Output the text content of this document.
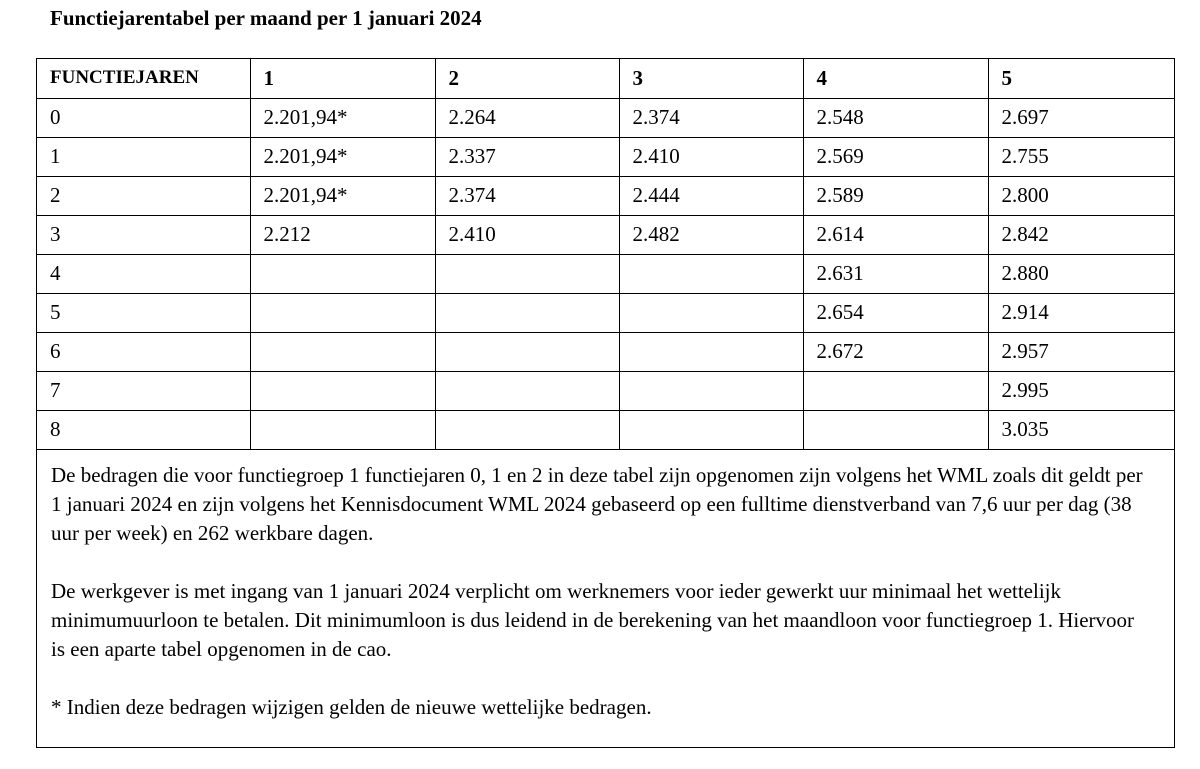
Functiejarentabel per maand per 1 januari 2024
FUNCTIEJAREN	1	2	3	4	5
0	2.201,94*	2.264	2.374	2.548	2.697
1	2.201,94*	2.337	2.410	2.569	2.755
2	2.201,94*	2.374	2.444	2.589	2.800
3	2.212	2.410	2.482	2.614	2.842
4				2.631	2.880
5				2.654	2.914
6				2.672	2.957
7					2.995
8					3.035

De bedragen die voor functiegroep 1 functiejaren 0, 1 en 2 in deze tabel zijn opgenomen zijn volgens het WML zoals dit geldt per 1 januari 2024 en zijn volgens het Kennisdocument WML 2024 gebaseerd op een fulltime dienstverband van 7,6 uur per dag (38 uur per week) en 262 werkbare dagen.

De werkgever is met ingang van 1 januari 2024 verplicht om werknemers voor ieder gewerkt uur minimaal het wettelijk minimumuurloon te betalen. Dit minimumloon is dus leidend in de berekening van het maandloon voor functiegroep 1. Hiervoor is een aparte tabel opgenomen in de cao.

* Indien deze bedragen wijzigen gelden de nieuwe wettelijke bedragen.
